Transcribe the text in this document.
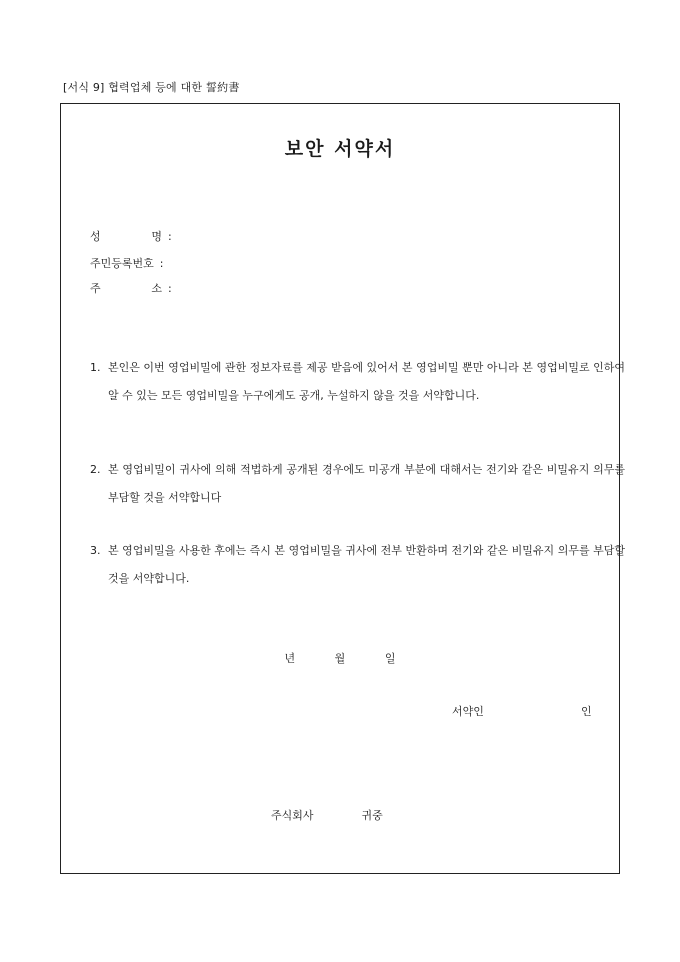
[서식 9] 협력업체 등에 대한 誓約書
보안 서약서
성	명 :
주민등록번호 :
주	소 :
1. 본인은 이번 영업비밀에 관한 정보자료를 제공 받음에 있어서 본 영업비밀 뿐만 아니라 본 영업비밀로 인하여 알 수 있는 모든 영업비밀을 누구에게도 공개, 누설하지 않을 것을 서약합니다.
2. 본 영업비밀이 귀사에 의해 적법하게 공개된 경우에도 미공개 부분에 대해서는 전기와 같은 비밀유지 의무를 부담할 것을 서약합니다
3. 본 영업비밀을 사용한 후에는 즉시 본 영업비밀을 귀사에 전부 반환하며 전기와 같은 비밀유지 의무를 부담할 것을 서약합니다.
년	월	일
서약인	인
주식회사	귀중
